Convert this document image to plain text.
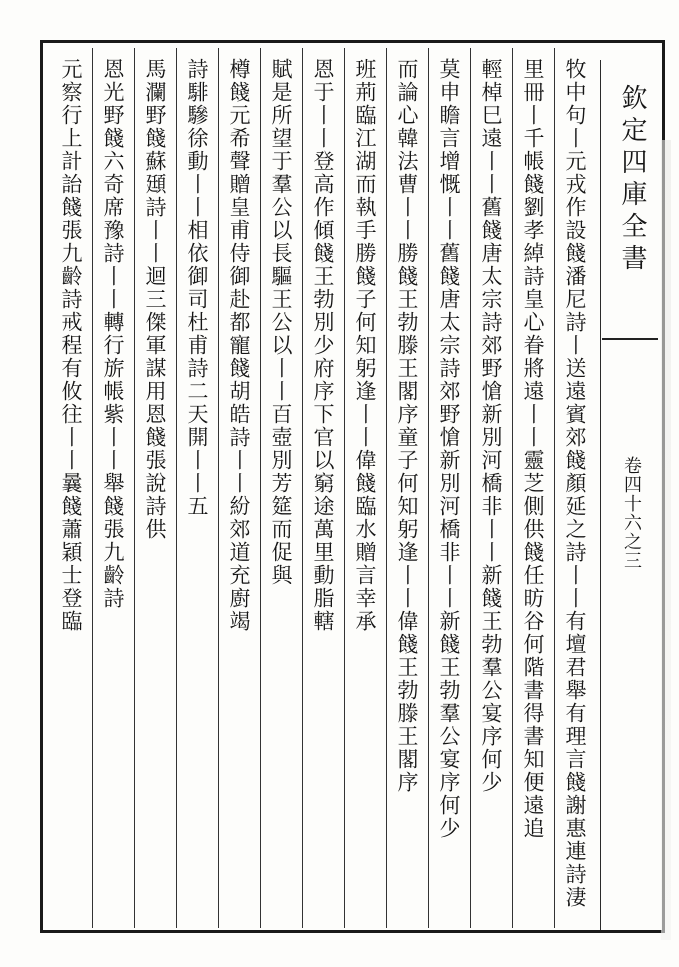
欽定四庫全書
卷四十六之三
牧中句丨元戎作設餞潘尼詩丨送遠賓郊餞顏延之詩丨丨有壇君舉有理言餞謝惠連詩淒
里冊丨千帳餞劉孝綽詩皇心眷將遠丨丨靈芝側供餞任昉谷何階書得書知便遠追
輕棹巳遠丨丨舊餞唐太宗詩郊野愴新別河橋非丨丨新餞王勃羣公宴序何少
莫申瞻言增慨丨丨舊餞唐太宗詩郊野愴新別河橋非丨丨新餞王勃羣公宴序何少
而論心韓法曹丨丨勝餞王勃滕王閣序童子何知躬逢丨丨偉餞王勃滕王閣序
班荊臨江湖而執手勝餞子何知躬逢丨丨偉餞臨水贈言幸承
恩于丨丨登高作傾餞王勃別少府序下官以窮途萬里動脂轄
賦是所望于羣公以長驅王公以丨丨百壺別芳筵而促與
樽餞元希聲贈皇甫侍御赴都寵餞胡皓詩丨丨紛郊道充廚竭
詩騑驂徐動丨丨相依御司杜甫詩二天開丨丨五
馬瀾野餞蘇頲詩丨丨迴三傑軍謀用恩餞張說詩供
恩光野餞六奇席豫詩丨丨轉行旂帳紫丨丨舉餞張九齡詩
元察行上計詒餞張九齡詩戒程有攸往丨丨曩餞蕭穎士登臨
